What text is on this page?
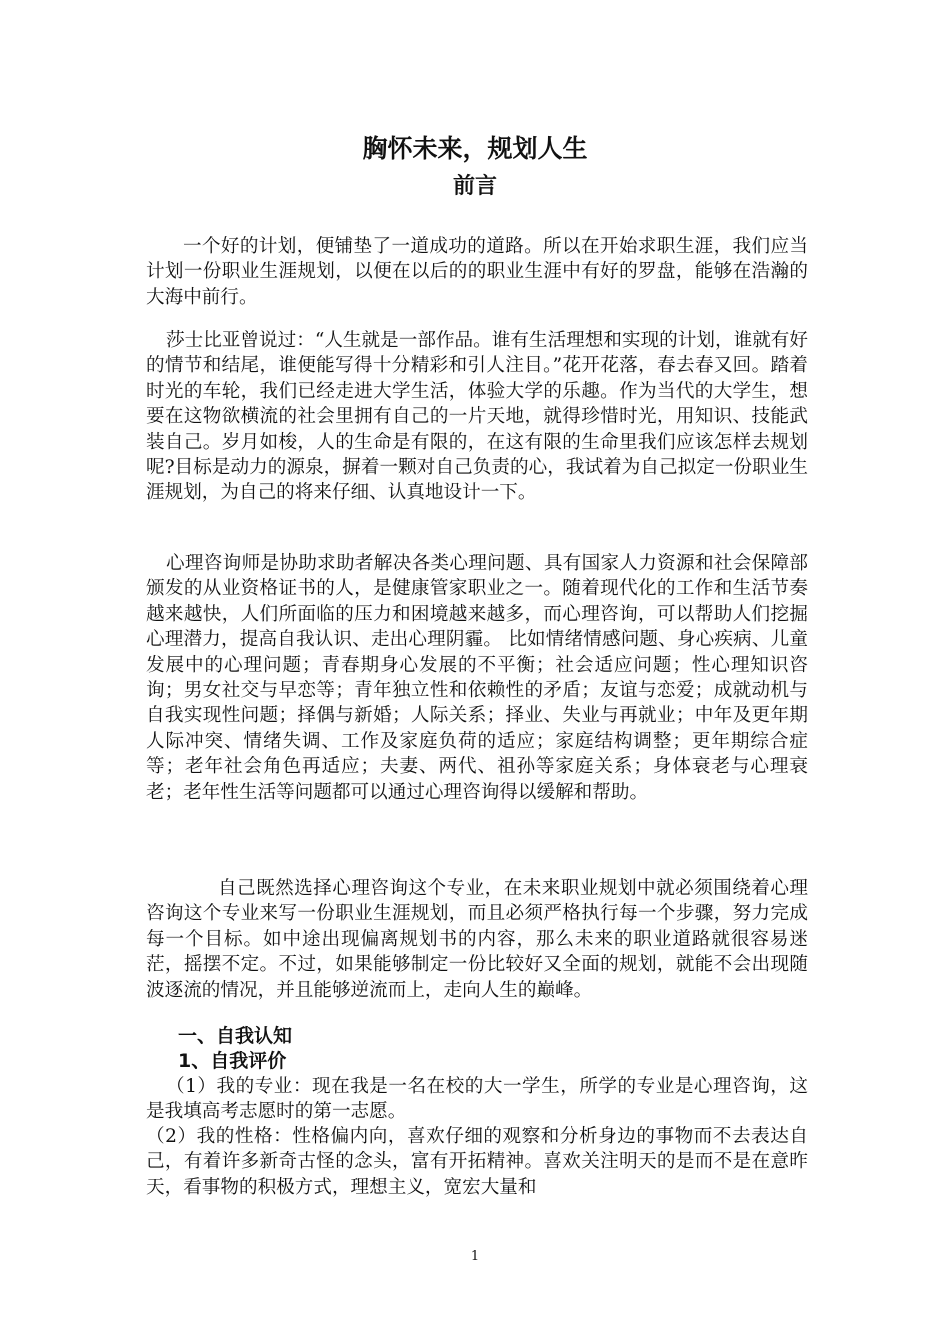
胸怀未来，规划人生
前言

一个好的计划，便铺垫了一道成功的道路。所以在开始求职生涯，我们应当计划一份职业生涯规划，以便在以后的的职业生涯中有好的罗盘，能够在浩瀚的大海中前行。

莎士比亚曾说过：“人生就是一部作品。谁有生活理想和实现的计划，谁就有好的情节和结尾，谁便能写得十分精彩和引人注目。”花开花落，春去春又回。踏着时光的车轮，我们已经走进大学生活，体验大学的乐趣。作为当代的大学生，想要在这物欲横流的社会里拥有自己的一片天地，就得珍惜时光，用知识、技能武装自己。岁月如梭，人的生命是有限的，在这有限的生命里我们应该怎样去规划呢?目标是动力的源泉，摒着一颗对自己负责的心，我试着为自己拟定一份职业生涯规划，为自己的将来仔细、认真地设计一下。

心理咨询师是协助求助者解决各类心理问题、具有国家人力资源和社会保障部颁发的从业资格证书的人，是健康管家职业之一。随着现代化的工作和生活节奏越来越快，人们所面临的压力和困境越来越多，而心理咨询，可以帮助人们挖掘心理潜力，提高自我认识、走出心理阴霾。 比如情绪情感问题、身心疾病、儿童发展中的心理问题；青春期身心发展的不平衡；社会适应问题；性心理知识咨询；男女社交与早恋等；青年独立性和依赖性的矛盾；友谊与恋爱；成就动机与自我实现性问题；择偶与新婚；人际关系；择业、失业与再就业；中年及更年期人际冲突、情绪失调、工作及家庭负荷的适应；家庭结构调整；更年期综合症等；老年社会角色再适应；夫妻、两代、祖孙等家庭关系；身体衰老与心理衰老；老年性生活等问题都可以通过心理咨询得以缓解和帮助。

自己既然选择心理咨询这个专业，在未来职业规划中就必须围绕着心理咨询这个专业来写一份职业生涯规划，而且必须严格执行每一个步骤，努力完成每一个目标。如中途出现偏离规划书的内容，那么未来的职业道路就很容易迷茫，摇摆不定。不过，如果能够制定一份比较好又全面的规划，就能不会出现随波逐流的情况，并且能够逆流而上，走向人生的巅峰。

一、自我认知
1、自我评价

（1）我的专业：现在我是一名在校的大一学生，所学的专业是心理咨询，这是我填高考志愿时的第一志愿。

（2）我的性格：性格偏内向，喜欢仔细的观察和分析身边的事物而不去表达自己，有着许多新奇古怪的念头，富有开拓精神。喜欢关注明天的是而不是在意昨天，看事物的积极方式，理想主义，宽宏大量和

1
